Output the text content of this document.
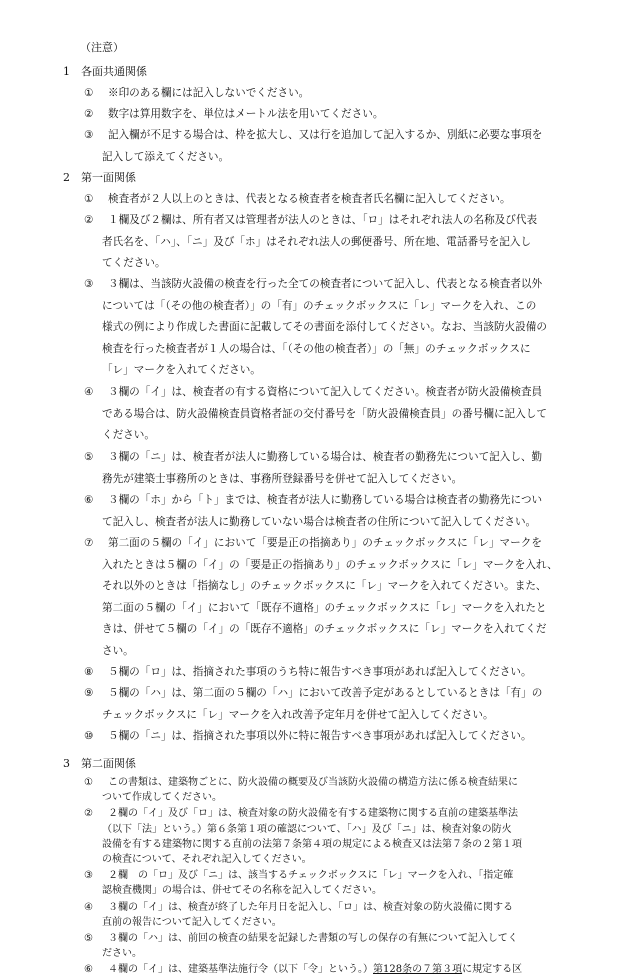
（注意）
1 各面共通関係
①	※印のある欄には記入しないでください。
②	数字は算用数字を、単位はメートル法を用いてください。
③	記入欄が不足する場合は、枠を拡大し、又は行を追加して記入するか、別紙に必要な事項を
記入して添えてください。
2 第一面関係
①	検査者が２人以上のときは、代表となる検査者を検査者氏名欄に記入してください。
②	１欄及び２欄は、所有者又は管理者が法人のときは、「ロ」はそれぞれ法人の名称及び代表
者氏名を、「ハ」、「ニ」及び「ホ」はそれぞれ法人の郵便番号、所在地、電話番号を記入し
てください。
③	３欄は、当該防火設備の検査を行った全ての検査者について記入し、代表となる検査者以外
については「（その他の検査者）」の「有」のチェックボックスに「レ」マークを入れ、この
様式の例により作成した書面に記載してその書面を添付してください。なお、当該防火設備の
検査を行った検査者が１人の場合は、「（その他の検査者）」の「無」のチェックボックスに
「レ」マークを入れてください。
④	３欄の「イ」は、検査者の有する資格について記入してください。検査者が防火設備検査員
である場合は、防火設備検査員資格者証の交付番号を「防火設備検査員」の番号欄に記入して
ください。
⑤	３欄の「ニ」は、検査者が法人に勤務している場合は、検査者の勤務先について記入し、勤
務先が建築士事務所のときは、事務所登録番号を併せて記入してください。
⑥	３欄の「ホ」から「ト」までは、検査者が法人に勤務している場合は検査者の勤務先につい
て記入し、検査者が法人に勤務していない場合は検査者の住所について記入してください。
⑦	第二面の５欄の「イ」において「要是正の指摘あり」のチェックボックスに「レ」マークを
入れたときは５欄の「イ」の「要是正の指摘あり」のチェックボックスに「レ」マークを入れ、
それ以外のときは「指摘なし」のチェックボックスに「レ」マークを入れてください。また、
第二面の５欄の「イ」において「既存不適格」のチェックボックスに「レ」マークを入れたと
きは、併せて５欄の「イ」の「既存不適格」のチェックボックスに「レ」マークを入れてくだ
さい。
⑧	５欄の「ロ」は、指摘された事項のうち特に報告すべき事項があれば記入してください。
⑨	５欄の「ハ」は、第二面の５欄の「ハ」において改善予定があるとしているときは「有」の
チェックボックスに「レ」マークを入れ改善予定年月を併せて記入してください。
⑩	５欄の「ニ」は、指摘された事項以外に特に報告すべき事項があれば記入してください。
3 第二面関係
①	この書類は、建築物ごとに、防火設備の概要及び当該防火設備の構造方法に係る検査結果に
ついて作成してください。
②	２欄の「イ」及び「ロ」は、検査対象の防火設備を有する建築物に関する直前の建築基準法
（以下「法」という。）第６条第１項の確認について、「ハ」及び「ニ」は、検査対象の防火
設備を有する建築物に関する直前の法第７条第４項の規定による検査又は法第７条の２第１項
の検査について、それぞれ記入してください。
③	２欄　の「ロ」及び「ニ」は、該当するチェックボックスに「レ」マークを入れ、「指定確
認検査機関」の場合は、併せてその名称を記入してください。
④	３欄の「イ」は、検査が終了した年月日を記入し、「ロ」は、検査対象の防火設備に関する
直前の報告について記入してください。
⑤	３欄の「ハ」は、前回の検査の結果を記録した書類の写しの保存の有無について記入してく
ださい。
⑥	４欄の「イ」は、建築基準法施行令（以下「令」という。）第128条の７第３項に規定する区
